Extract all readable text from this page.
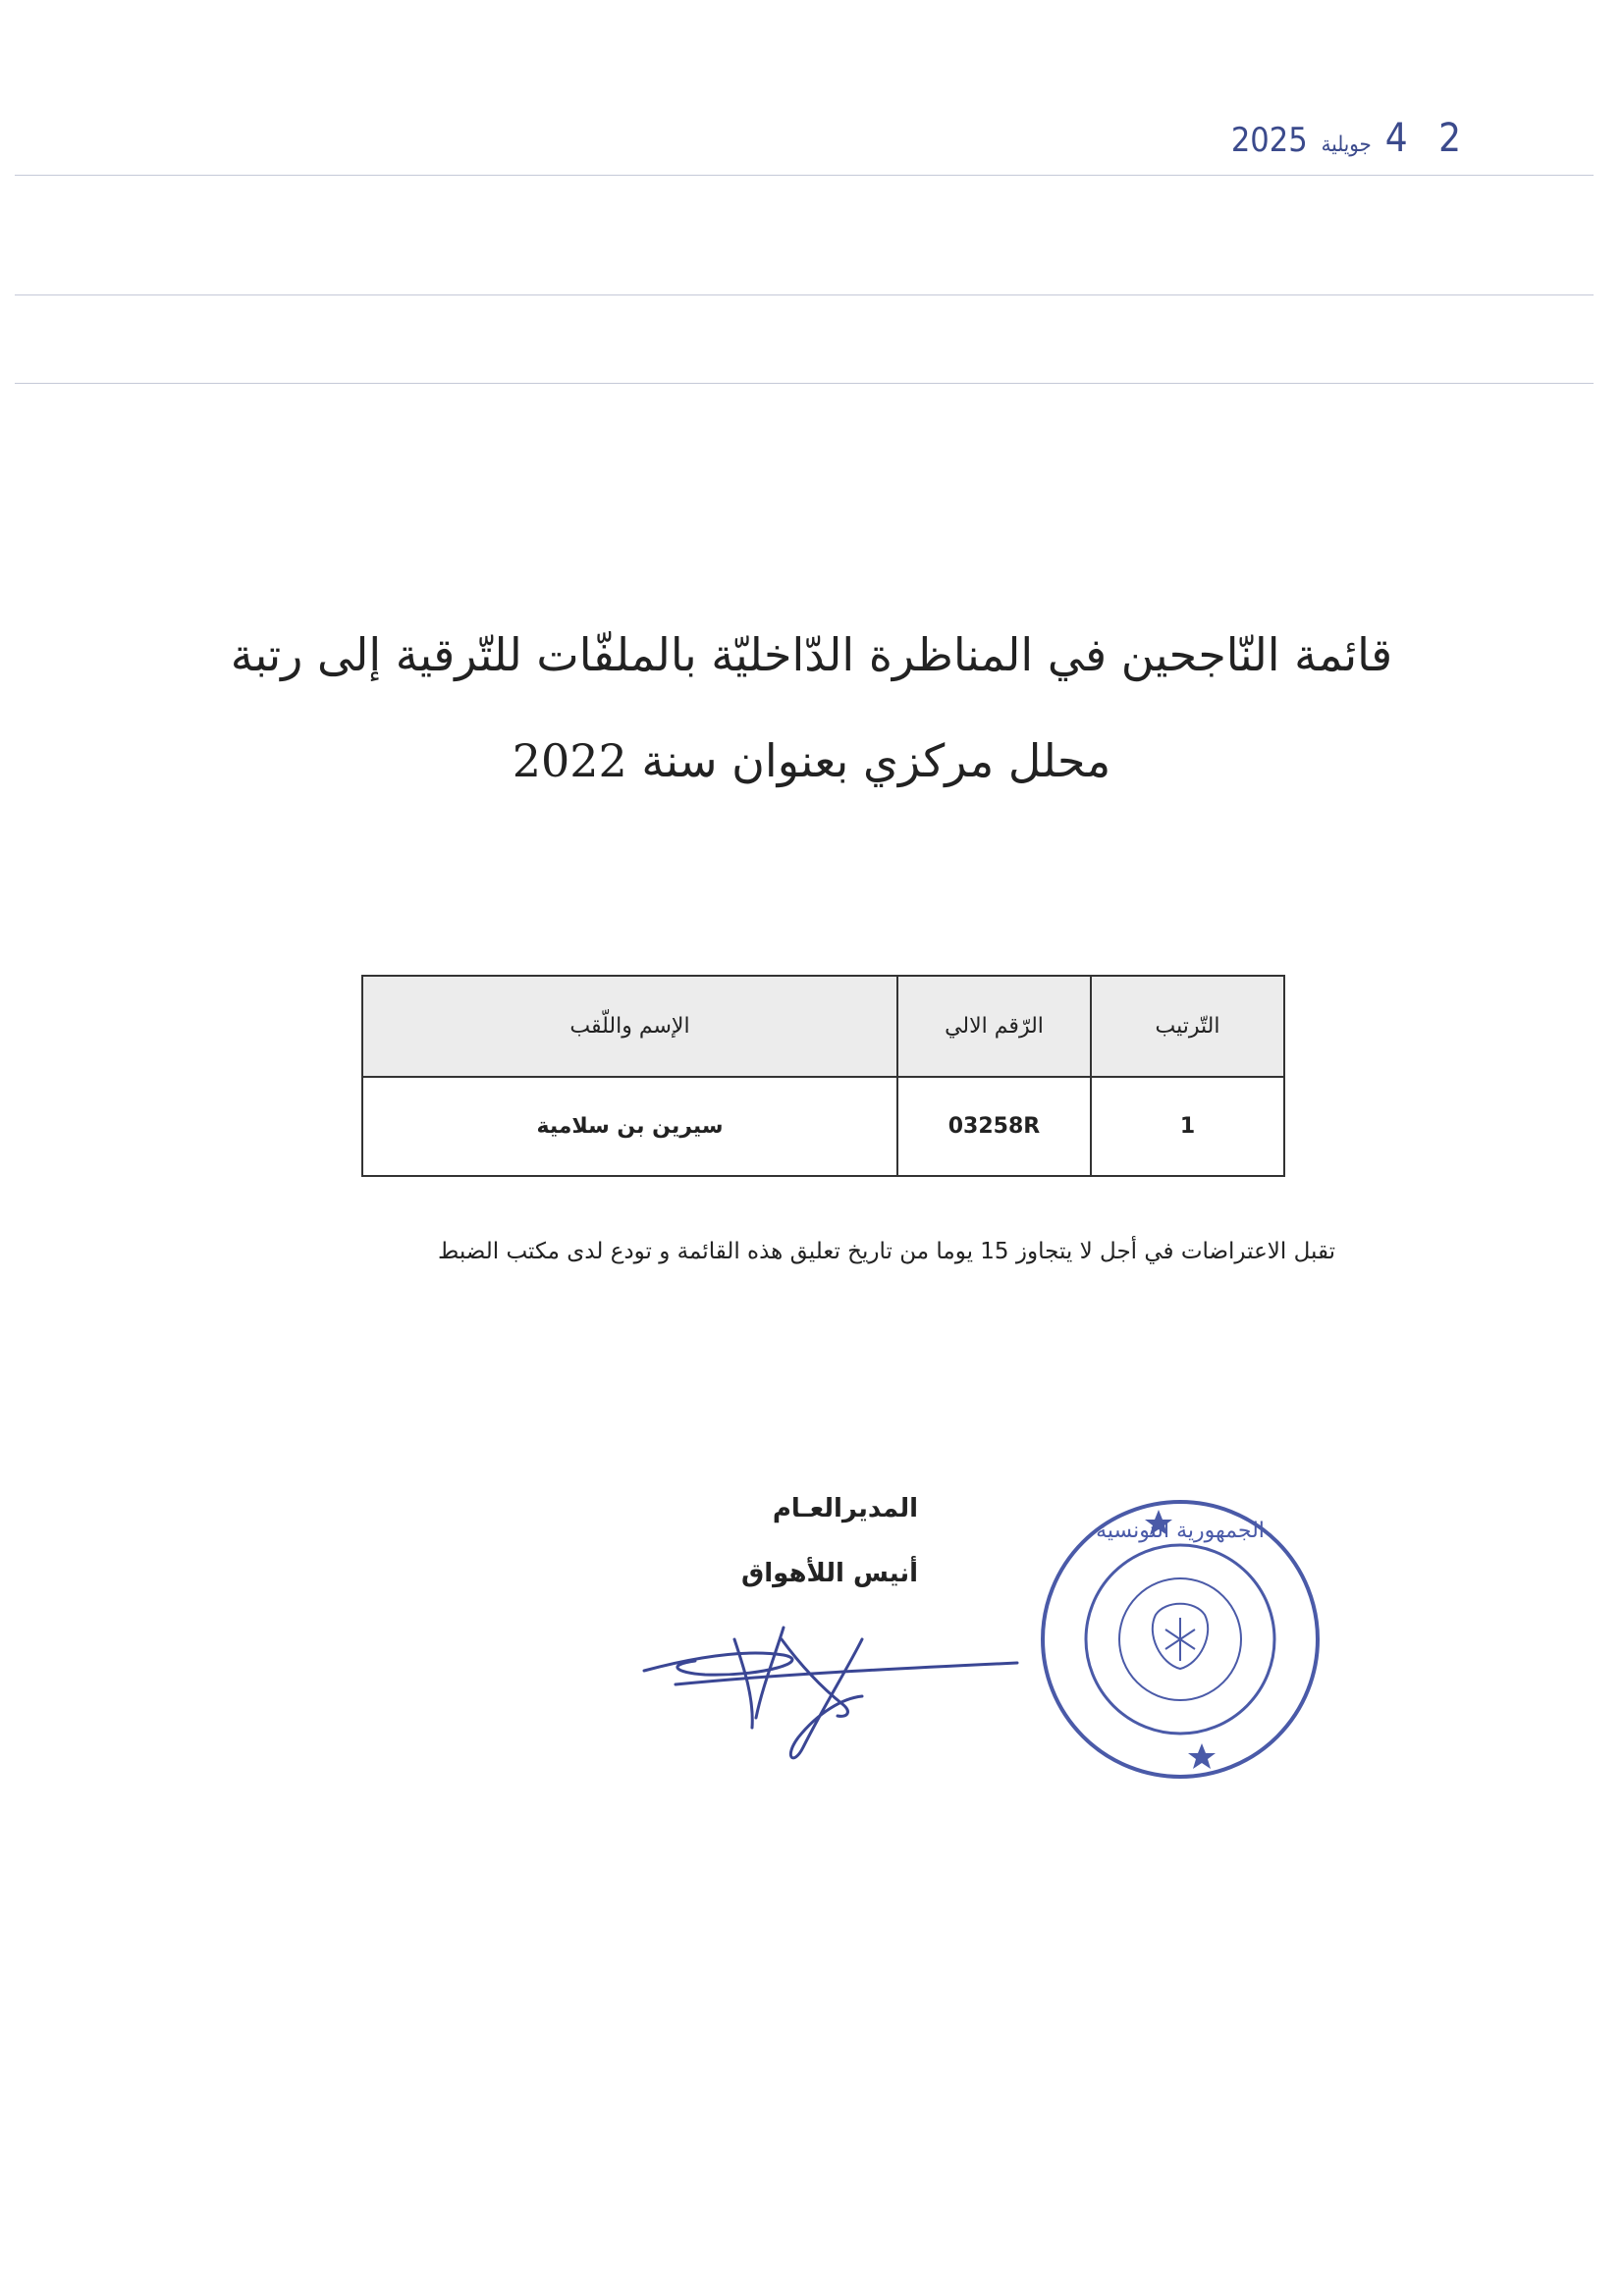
2 4
جويلية
2025
قائمة النّاجحين في المناظرة الدّاخليّة بالملفّات للتّرقية إلى رتبة
محلل مركزي بعنوان سنة 2022
التّرتيب	الرّقم الالي	الإسم واللّقب
1	03258R	سيرين بن سلامية
تقبل الاعتراضات في أجل لا يتجاوز 15 يوما من تاريخ تعليق هذه القائمة و تودع لدى مكتب الضبط
المديرالعـام
أنيس اللأهواق
الجمهورية التونسية
